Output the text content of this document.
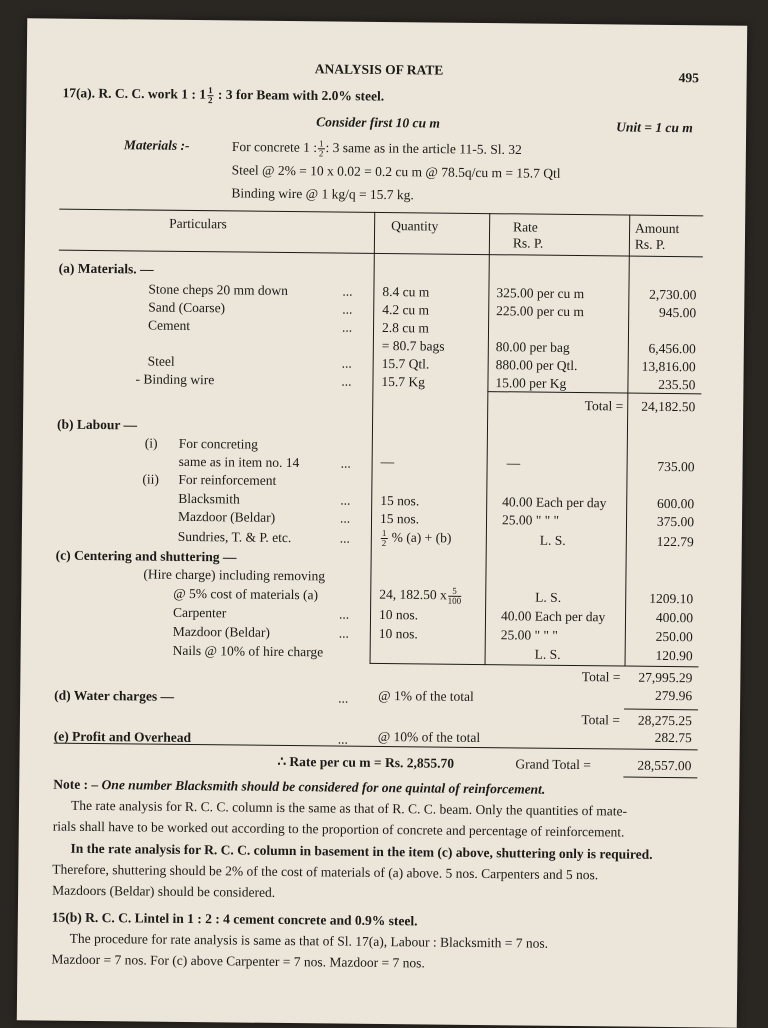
ANALYSIS OF RATE
495
17(a). R. C. C. work 1 : $1 \frac{1}{2}$ : 3 for Beam with 2.0% steel.
Consider first 10 cu m	Unit = 1 cu m
Materials :-	For concrete 1 : $\frac{1}{2}$ : 3 same as in the article 11-5. Sl. 32
Steel @ 2% = 10 x 0.02 = 0.2 cu m @ 78.5q/cu m = 15.7 Qtl
Binding wire @ 1 kg/q = 15.7 kg.
Particulars	Quantity	Rate
Rs. P.
Amount
Rs. P.
(a) Materials. —
Stone cheps 20 mm down	... 8.4 cu m	325.00 per cu m	2,730.00
Sand (Coarse)	... 4.2 cu m	225.00 per cu m	945.00
Cement	... 2.8 cu m
= 80.7 bags	80.00 per bag	6,456.00
Steel	... 15.7 Qtl.	880.00 per Qtl.	13,816.00
- Binding wire	... 15.7 Kg	15.00 per Kg	235.50
Total =	24,182.50
(b) Labour —
(i) For concreting
same as in item no. 14	... —	—	735.00
(ii) For reinforcement
Blacksmith	... 15 nos.	40.00 Each per day	600.00
Mazdoor (Beldar)	... 15 nos.	25.00 " " "	375.00
Sundries, T. & P. etc.	...	$\frac{1}{2}$ % (a) + (b)	L. S.	122.79
(c) Centering and shuttering —
(Hire charge) including removing
@ 5% cost of materials (a)	24, 182.50 x $\frac{5}{100}$	L. S.	1209.10
Carpenter	... 10 nos.	40.00 Each per day	400.00
Mazdoor (Beldar)	... 10 nos.	25.00 " " "	250.00
Nails @ 10% of hire charge	L. S.	120.90
Total =	27,995.29
(d) Water charges —	... @ 1% of the total	279.96
Total =	28,275.25
(e) Profit and Overhead	... @ 10% of the total	282.75
∴ Rate per cu m = Rs. 2,855.70	Grand Total =	28,557.00
Note : – One number Blacksmith should be considered for one quintal of reinforcement.
The rate analysis for R. C. C. column is the same as that of R. C. C. beam. Only the quantities of mate-
rials shall have to be worked out according to the proportion of concrete and percentage of reinforcement.
In the rate analysis for R. C. C. column in basement in the item (c) above, shuttering only is required.
Therefore, shuttering should be 2% of the cost of materials of (a) above. 5 nos. Carpenters and 5 nos.
Mazdoors (Beldar) should be considered.
15(b) R. C. C. Lintel in 1 : 2 : 4 cement concrete and 0.9% steel.
The procedure for rate analysis is same as that of Sl. 17(a), Labour : Blacksmith = 7 nos.
Mazdoor = 7 nos. For (c) above Carpenter = 7 nos. Mazdoor = 7 nos.
